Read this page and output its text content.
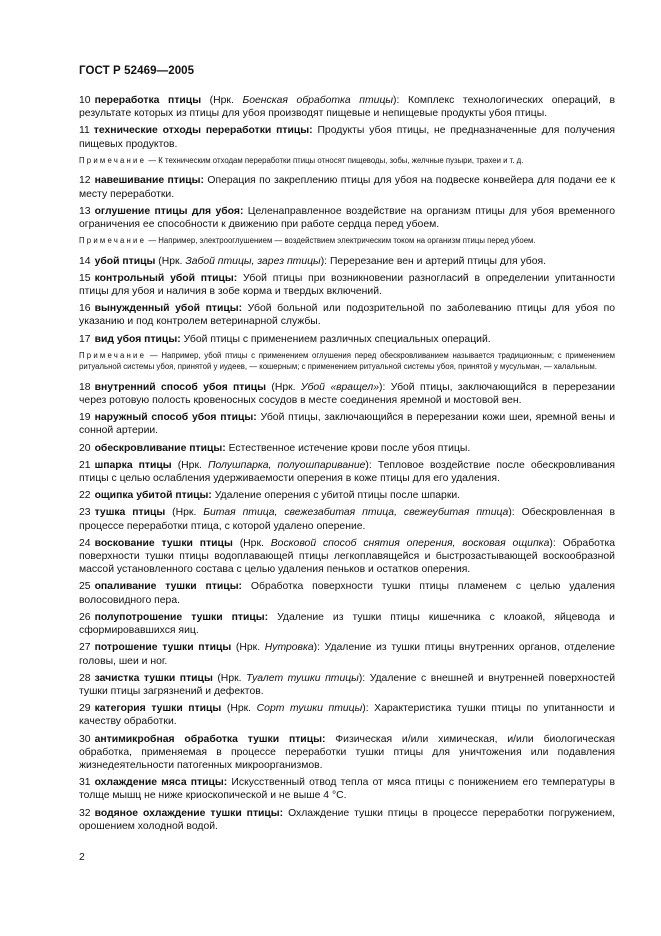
ГОСТ Р 52469—2005
10 переработка птицы (Нрк. Боенская обработка птицы): Комплекс технологических операций, в результате которых из птицы для убоя производят пищевые и непищевые продукты убоя птицы.
11 технические отходы переработки птицы: Продукты убоя птицы, не предназначенные для получения пищевых продуктов.
Примечание — К техническим отходам переработки птицы относят пищеводы, зобы, желчные пузыри, трахеи и т. д.
12 навешивание птицы: Операция по закреплению птицы для убоя на подвеске конвейера для подачи ее к месту переработки.
13 оглушение птицы для убоя: Целенаправленное воздействие на организм птицы для убоя временного ограничения ее способности к движению при работе сердца перед убоем.
Примечание — Например, электрооглушением — воздействием электрическим током на организм птицы перед убоем.
14 убой птицы (Нрк. Забой птицы, зарез птицы): Перерезание вен и артерий птицы для убоя.
15 контрольный убой птицы: Убой птицы при возникновении разногласий в определении упитанности птицы для убоя и наличия в зобе корма и твердых включений.
16 вынужденный убой птицы: Убой больной или подозрительной по заболеванию птицы для убоя по указанию и под контролем ветеринарной службы.
17 вид убоя птицы: Убой птицы с применением различных специальных операций.
Примечание — Например, убой птицы с применением оглушения перед обескровливанием называется традиционным; с применением ритуальной системы убоя, принятой у иудеев, — кошерным; с применением ритуальной системы убоя, принятой у мусульман, — халальным.
18 внутренний способ убоя птицы (Нрк. Убой «вращел»): Убой птицы, заключающийся в перерезании через ротовую полость кровеносных сосудов в месте соединения яремной и мостовой вен.
19 наружный способ убоя птицы: Убой птицы, заключающийся в перерезании кожи шеи, яремной вены и сонной артерии.
20 обескровливание птицы: Естественное истечение крови после убоя птицы.
21 шпарка птицы (Нрк. Полушпарка, полуошпаривание): Тепловое воздействие после обескровливания птицы с целью ослабления удерживаемости оперения в коже птицы для его удаления.
22 ощипка убитой птицы: Удаление оперения с убитой птицы после шпарки.
23 тушка птицы (Нрк. Битая птица, свежезабитая птица, свежеубитая птица): Обескровленная в процессе переработки птица, с которой удалено оперение.
24 воскование тушки птицы (Нрк. Восковой способ снятия оперения, восковая ощипка): Обработка поверхности тушки птицы водоплавающей птицы легкоплавящейся и быстрозастывающей воскообразной массой установленного состава с целью удаления пеньков и остатков оперения.
25 опаливание тушки птицы: Обработка поверхности тушки птицы пламенем с целью удаления волосовидного пера.
26 полупотрошение тушки птицы: Удаление из тушки птицы кишечника с клоакой, яйцевода и сформировавшихся яиц.
27 потрошение тушки птицы (Нрк. Нутровка): Удаление из тушки птицы внутренних органов, отделение головы, шеи и ног.
28 зачистка тушки птицы (Нрк. Туалет тушки птицы): Удаление с внешней и внутренней поверхностей тушки птицы загрязнений и дефектов.
29 категория тушки птицы (Нрк. Сорт тушки птицы): Характеристика тушки птицы по упитанности и качеству обработки.
30 антимикробная обработка тушки птицы: Физическая и/или химическая, и/или биологическая обработка, применяемая в процессе переработки тушки птицы для уничтожения или подавления жизнедеятельности патогенных микроорганизмов.
31 охлаждение мяса птицы: Искусственный отвод тепла от мяса птицы с понижением его температуры в толще мышц не ниже криоскопической и не выше 4 °С.
32 водяное охлаждение тушки птицы: Охлаждение тушки птицы в процессе переработки погружением, орошением холодной водой.
2
